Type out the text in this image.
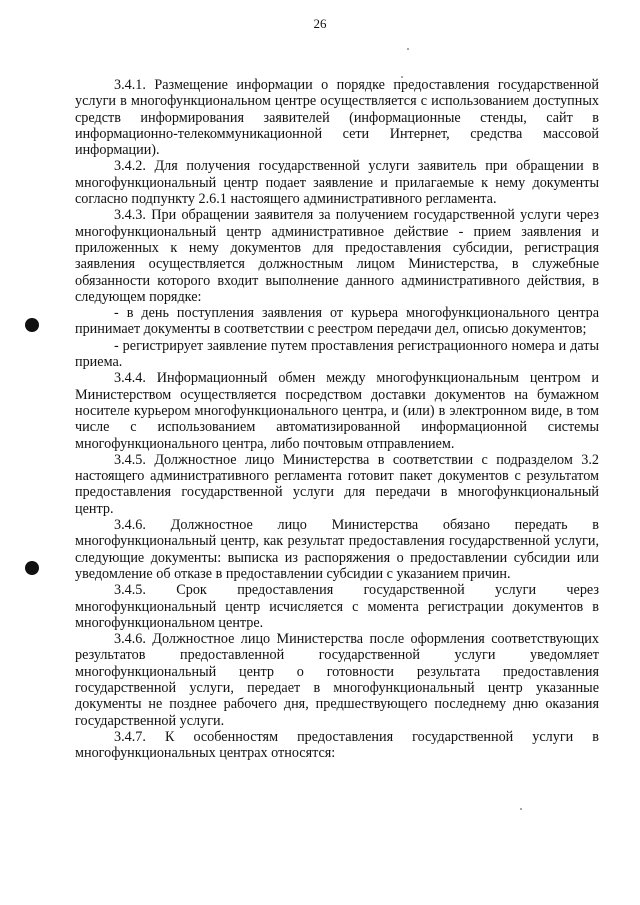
26

3.4.1. Размещение информации о порядке предоставления государственной услуги в многофункциональном центре осуществляется с использованием доступных средств информирования заявителей (информационные стенды, сайт в информационно-телекоммуникационной сети Интернет, средства массовой информации).

3.4.2. Для получения государственной услуги заявитель при обращении в многофункциональный центр подает заявление и прилагаемые к нему документы согласно подпункту 2.6.1 настоящего административного регламента.

3.4.3. При обращении заявителя за получением государственной услуги через многофункциональный центр административное действие - прием заявления и приложенных к нему документов для предоставления субсидии, регистрация заявления осуществляется должностным лицом Министерства, в служебные обязанности которого входит выполнение данного административного действия, в следующем порядке:

- в день поступления заявления от курьера многофункционального центра принимает документы в соответствии с реестром передачи дел, описью документов;

- регистрирует заявление путем проставления регистрационного номера и даты приема.

3.4.4. Информационный обмен между многофункциональным центром и Министерством осуществляется посредством доставки документов на бумажном носителе курьером многофункционального центра, и (или) в электронном виде, в том числе с использованием автоматизированной информационной системы многофункционального центра, либо почтовым отправлением.

3.4.5. Должностное лицо Министерства в соответствии с подразделом 3.2 настоящего административного регламента готовит пакет документов с результатом предоставления государственной услуги для передачи в многофункциональный центр.

3.4.6. Должностное лицо Министерства обязано передать в многофункциональный центр, как результат предоставления государственной услуги, следующие документы: выписка из распоряжения о предоставлении субсидии или уведомление об отказе в предоставлении субсидии с указанием причин.

3.4.5. Срок предоставления государственной услуги через многофункциональный центр исчисляется с момента регистрации документов в многофункциональном центре.

3.4.6. Должностное лицо Министерства после оформления соответствующих результатов предоставленной государственной услуги уведомляет многофункциональный центр о готовности результата предоставления государственной услуги, передает в многофункциональный центр указанные документы не позднее рабочего дня, предшествующего последнему дню оказания государственной услуги.

3.4.7. К особенностям предоставления государственной услуги в многофункциональных центрах относятся:
